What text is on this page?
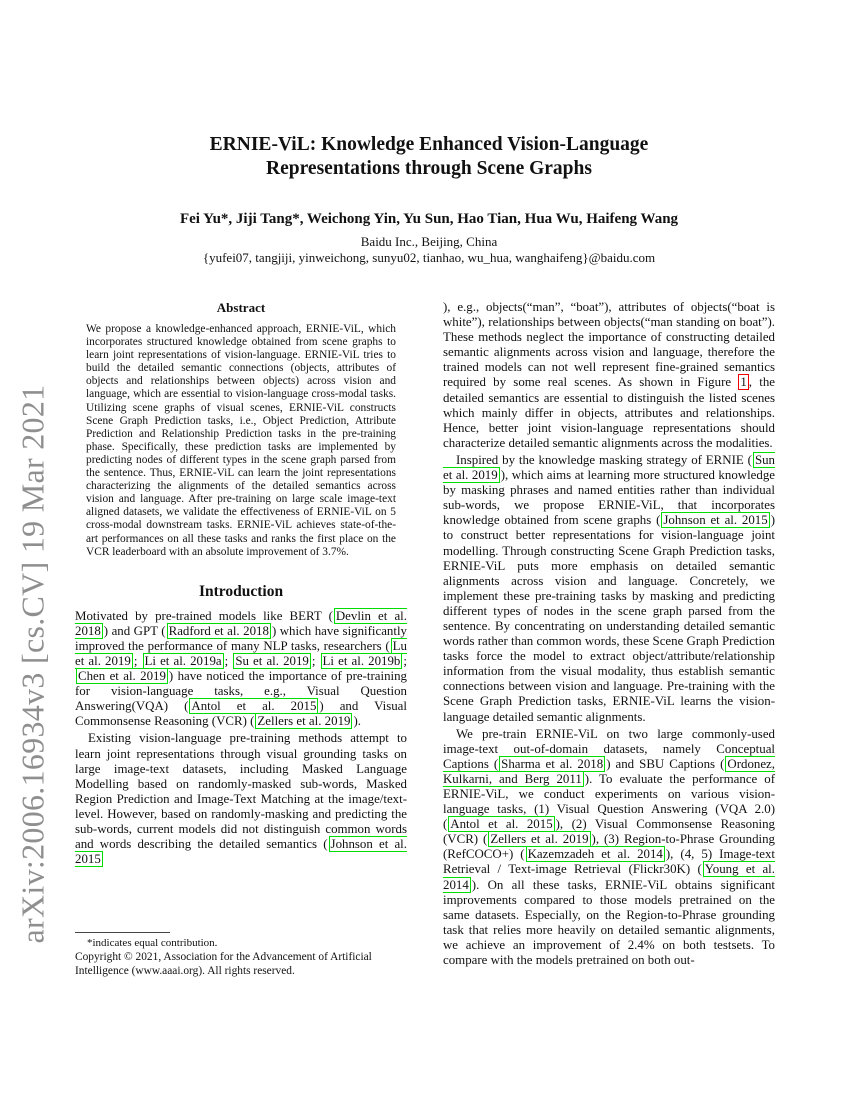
arXiv:2006.16934v3 [cs.CV] 19 Mar 2021
ERNIE-ViL: Knowledge Enhanced Vision-Language Representations through Scene Graphs

Fei Yu*, Jiji Tang*, Weichong Yin, Yu Sun, Hao Tian, Hua Wu, Haifeng Wang

Baidu Inc., Beijing, China

{yufei07, tangjiji, yinweichong, sunyu02, tianhao, wu_hua, wanghaifeng}@baidu.com

Abstract

We propose a knowledge-enhanced approach, ERNIE-ViL, which incorporates structured knowledge obtained from scene graphs to learn joint representations of vision-language. ERNIE-ViL tries to build the detailed semantic connections (objects, attributes of objects and relationships between objects) across vision and language, which are essential to vision-language cross-modal tasks. Utilizing scene graphs of visual scenes, ERNIE-ViL constructs Scene Graph Prediction tasks, i.e., Object Prediction, Attribute Prediction and Relationship Prediction tasks in the pre-training phase. Specifically, these prediction tasks are implemented by predicting nodes of different types in the scene graph parsed from the sentence. Thus, ERNIE-ViL can learn the joint representations characterizing the alignments of the detailed semantics across vision and language. After pre-training on large scale image-text aligned datasets, we validate the effectiveness of ERNIE-ViL on 5 cross-modal downstream tasks. ERNIE-ViL achieves state-of-the-art performances on all these tasks and ranks the first place on the VCR leaderboard with an absolute improvement of 3.7%.

Introduction

Motivated by pre-trained models like BERT ( Devlin et al. 2018 ) and GPT ( Radford et al. 2018 ) which have significantly improved the performance of many NLP tasks, researchers ( Lu et al. 2019 ; Li et al. 2019a ; Su et al. 2019 ; Li et al. 2019b ; Chen et al. 2019 ) have noticed the importance of pre-training for vision-language tasks, e.g., Visual Question Answering(VQA) ( Antol et al. 2015 ) and Visual Commonsense Reasoning (VCR) ( Zellers et al. 2019 ).

Existing vision-language pre-training methods attempt to learn joint representations through visual grounding tasks on large image-text datasets, including Masked Language Modelling based on randomly-masked sub-words, Masked Region Prediction and Image-Text Matching at the image/text-level. However, based on randomly-masking and predicting the sub-words, current models did not distinguish common words and words describing the detailed semantics ( Johnson et al. 2015

), e.g., objects(“man”, “boat”), attributes of objects(“boat is white”), relationships between objects(“man standing on boat”). These methods neglect the importance of constructing detailed semantic alignments across vision and language, therefore the trained models can not well represent fine-grained semantics required by some real scenes. As shown in Figure 1 , the detailed semantics are essential to distinguish the listed scenes which mainly differ in objects, attributes and relationships. Hence, better joint vision-language representations should characterize detailed semantic alignments across the modalities.

Inspired by the knowledge masking strategy of ERNIE ( Sun et al. 2019 ), which aims at learning more structured knowledge by masking phrases and named entities rather than individual sub-words, we propose ERNIE-ViL, that incorporates knowledge obtained from scene graphs ( Johnson et al. 2015 ) to construct better representations for vision-language joint modelling. Through constructing Scene Graph Prediction tasks, ERNIE-ViL puts more emphasis on detailed semantic alignments across vision and language. Concretely, we implement these pre-training tasks by masking and predicting different types of nodes in the scene graph parsed from the sentence. By concentrating on understanding detailed semantic words rather than common words, these Scene Graph Prediction tasks force the model to extract object/attribute/relationship information from the visual modality, thus establish semantic connections between vision and language. Pre-training with the Scene Graph Prediction tasks, ERNIE-ViL learns the vision-language detailed semantic alignments.

We pre-train ERNIE-ViL on two large commonly-used image-text out-of-domain datasets, namely Conceptual Captions ( Sharma et al. 2018 ) and SBU Captions ( Ordonez, Kulkarni, and Berg 2011 ). To evaluate the performance of ERNIE-ViL, we conduct experiments on various vision-language tasks, (1) Visual Question Answering (VQA 2.0) ( Antol et al. 2015 ), (2) Visual Commonsense Reasoning (VCR) ( Zellers et al. 2019 ), (3) Region-to-Phrase Grounding (RefCOCO+) ( Kazemzadeh et al. 2014 ), (4, 5) Image-text Retrieval / Text-image Retrieval (Flickr30K) ( Young et al. 2014 ). On all these tasks, ERNIE-ViL obtains significant improvements compared to those models pretrained on the same datasets. Especially, on the Region-to-Phrase grounding task that relies more heavily on detailed semantic alignments, we achieve an improvement of 2.4% on both testsets. To compare with the models pretrained on both out-

*indicates equal contribution.

Copyright © 2021, Association for the Advancement of Artificial Intelligence (www.aaai.org). All rights reserved.
